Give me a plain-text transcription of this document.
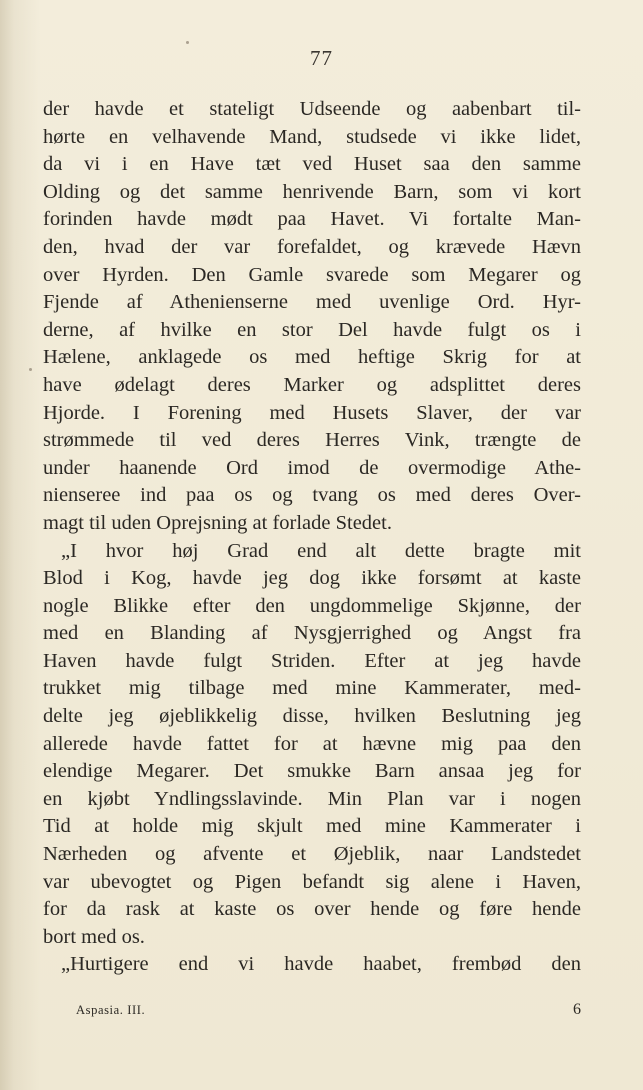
77
der havde et stateligt Udseende og aabenbart til-
hørte en velhavende Mand, studsede vi ikke lidet,
da vi i en Have tæt ved Huset saa den samme
Olding og det samme henrivende Barn, som vi kort
forinden havde mødt paa Havet. Vi fortalte Man-
den, hvad der var forefaldet, og krævede Hævn
over Hyrden. Den Gamle svarede som Megarer og
Fjende af Athenienserne med uvenlige Ord. Hyr-
derne, af hvilke en stor Del havde fulgt os i
Hælene, anklagede os med heftige Skrig for at
have ødelagt deres Marker og adsplittet deres
Hjorde. I Forening med Husets Slaver, der var
strømmede til ved deres Herres Vink, trængte de
under haanende Ord imod de overmodige Athe-
nienseree ind paa os og tvang os med deres Over-
magt til uden Oprejsning at forlade Stedet.
„I hvor høj Grad end alt dette bragte mit
Blod i Kog, havde jeg dog ikke forsømt at kaste
nogle Blikke efter den ungdommelige Skjønne, der
med en Blanding af Nysgjerrighed og Angst fra
Haven havde fulgt Striden. Efter at jeg havde
trukket mig tilbage med mine Kammerater, med-
delte jeg øjeblikkelig disse, hvilken Beslutning jeg
allerede havde fattet for at hævne mig paa den
elendige Megarer. Det smukke Barn ansaa jeg for
en kjøbt Yndlingsslavinde. Min Plan var i nogen
Tid at holde mig skjult med mine Kammerater i
Nærheden og afvente et Øjeblik, naar Landstedet
var ubevogtet og Pigen befandt sig alene i Haven,
for da rask at kaste os over hende og føre hende
bort med os.
„Hurtigere end vi havde haabet, frembød den
Aspasia. III.	6
